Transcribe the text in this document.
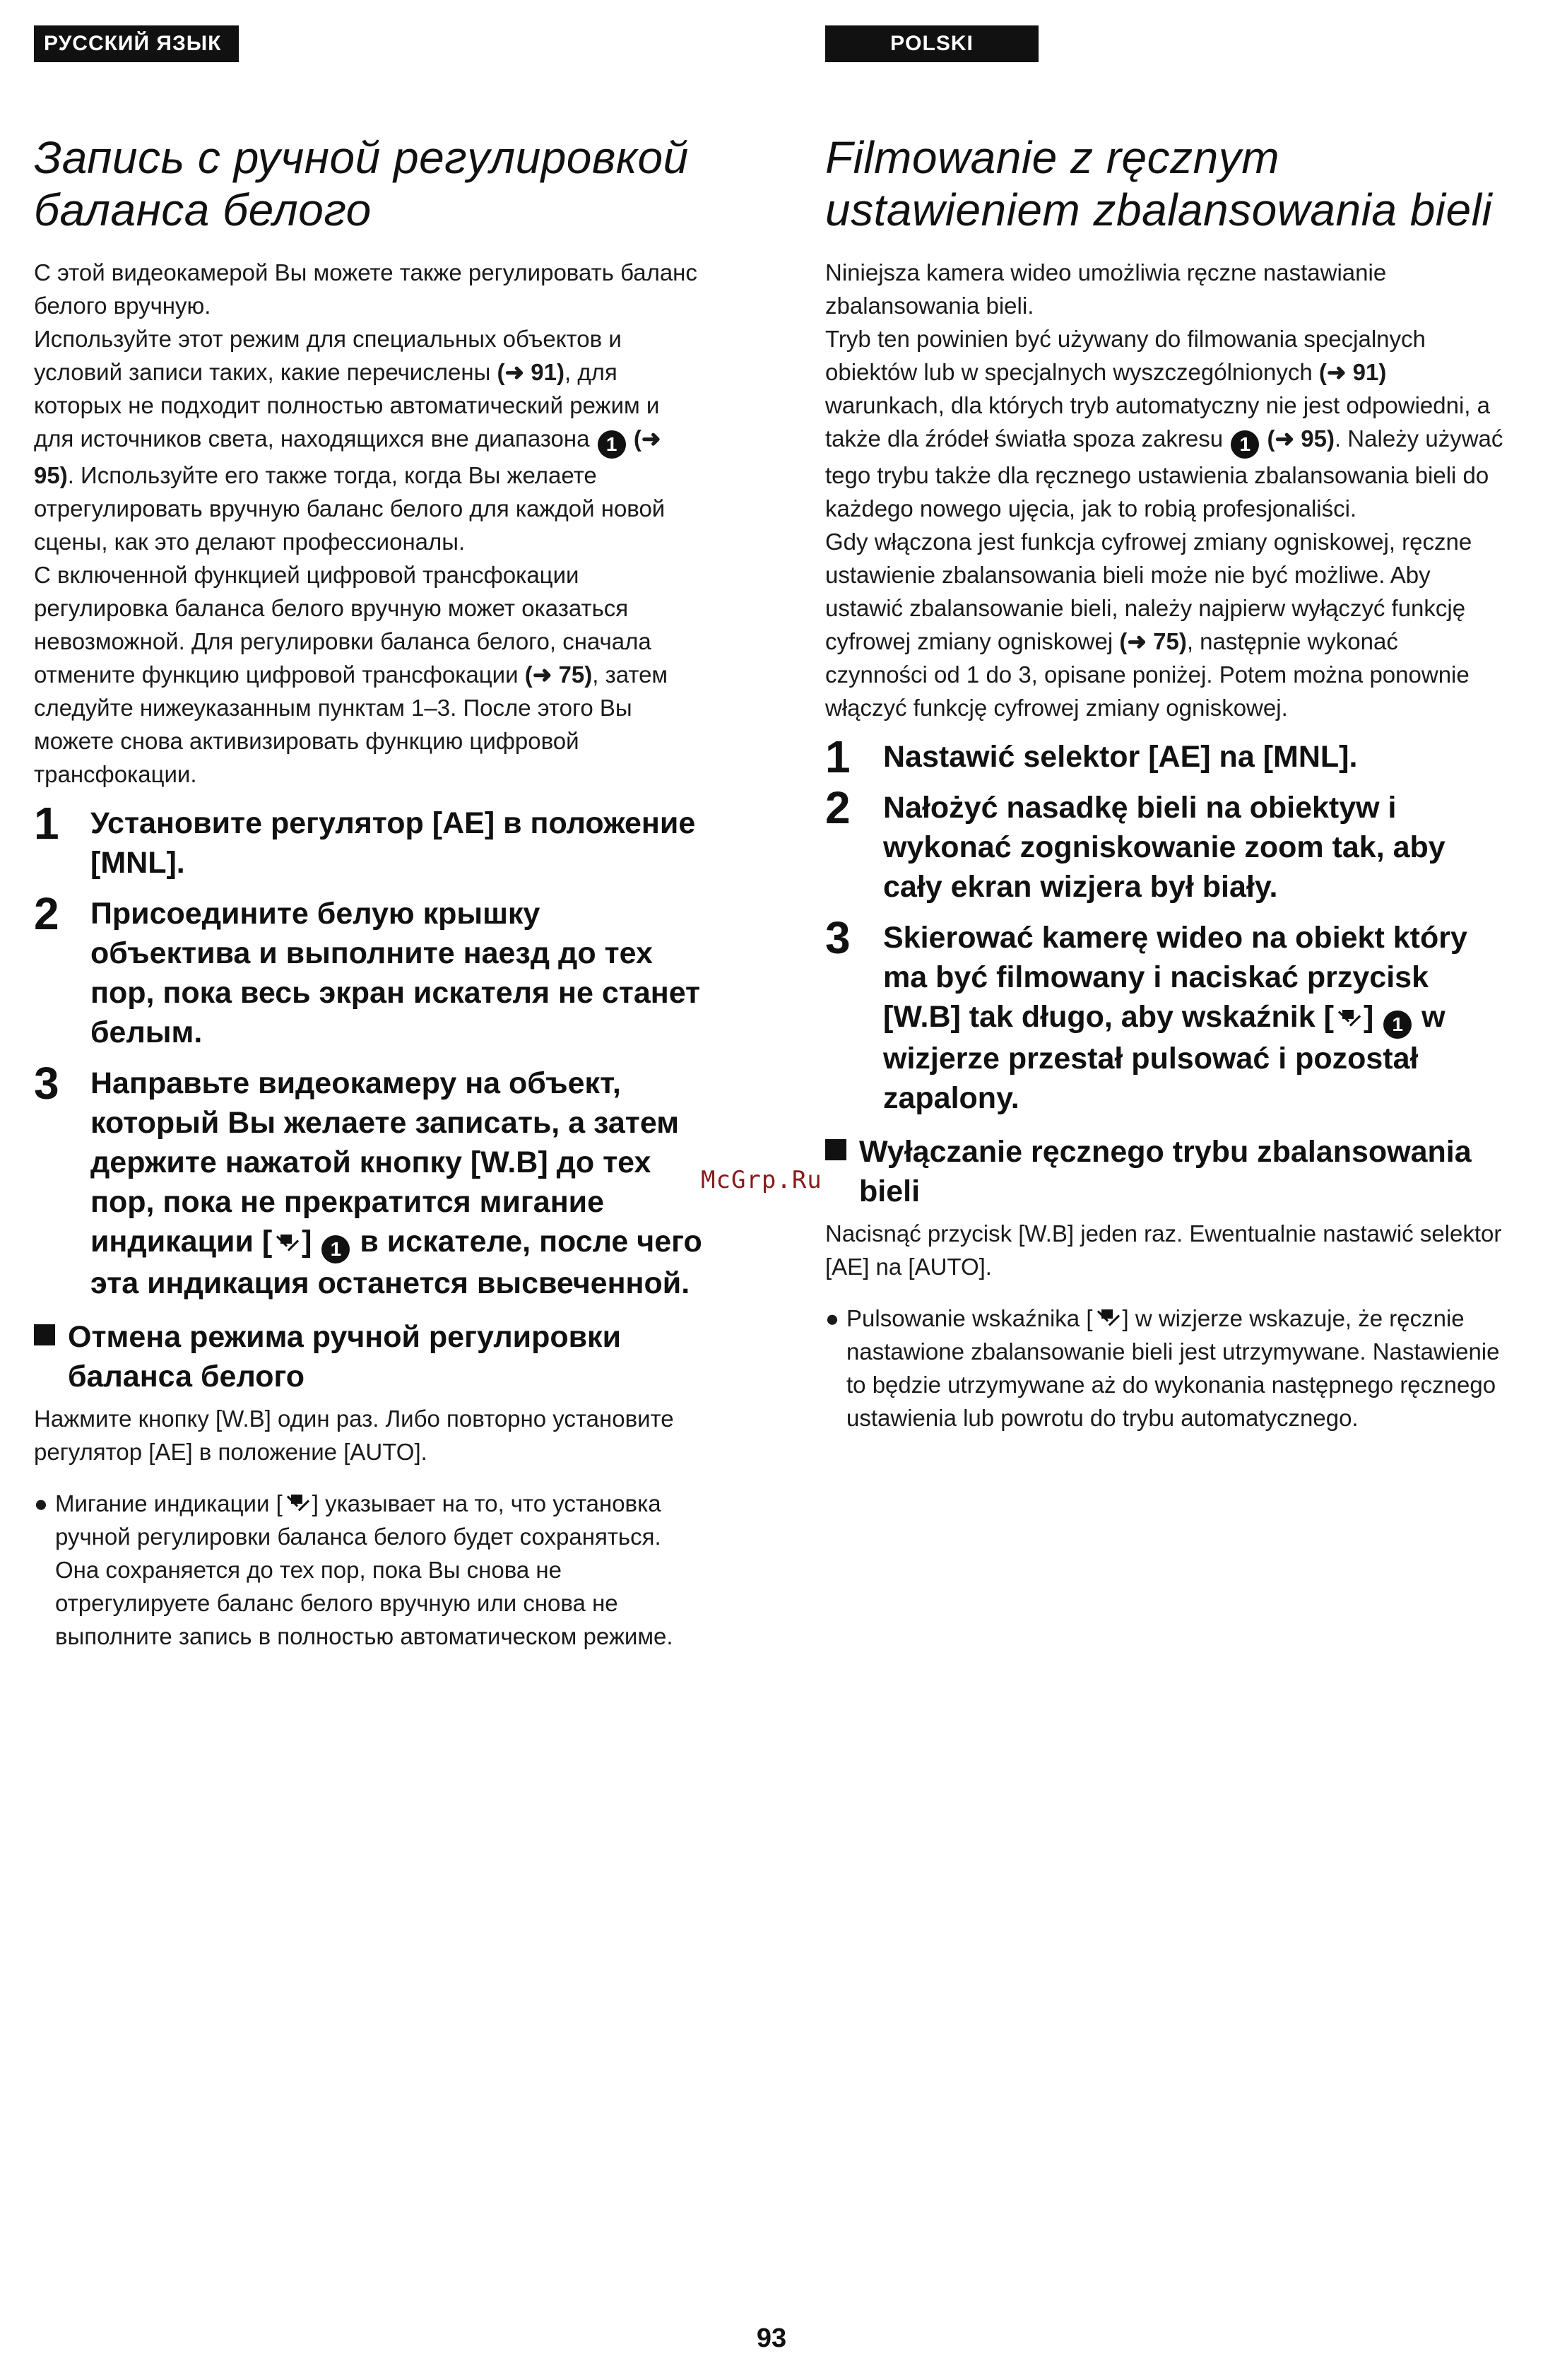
РУССКИЙ ЯЗЫК
Запись с ручной регулировкой баланса белого

С этой видеокамерой Вы можете также регулировать баланс белого вручную.

Используйте этот режим для специальных объектов и условий записи таких, какие перечислены (➜ 91), для которых не подходит полностью автоматический режим и для источников света, находящихся вне диапазона 1 (➜ 95). Используйте его также тогда, когда Вы желаете отрегулировать вручную баланс белого для каждой новой сцены, как это делают профессионалы.

С включенной функцией цифровой трансфокации регулировка баланса белого вручную может оказаться невозможной. Для регулировки баланса белого, сначала отмените функцию цифровой трансфокации (➜ 75), затем следуйте нижеуказанным пунктам 1–3. После этого Вы можете снова активизировать функцию цифровой трансфокации.

1 Установите регулятор [AE] в положение [MNL].
2 Присоедините белую крышку объектива и выполните наезд до тех пор, пока весь экран искателя не станет белым.
3 Направьте видеокамеру на объект, который Вы желаете записать, а затем держите нажатой кнопку [W.B] до тех пор, пока не прекратится мигание индикации [ ] 1 в искателе, после чего эта индикация останется высвеченной.
Отмена режима ручной регулировки баланса белого

Нажмите кнопку [W.B] один раз. Либо повторно установите регулятор [AE] в положение [AUTO].

● Мигание индикации [ ] указывает на то, что установка ручной регулировки баланса белого будет сохраняться. Она сохраняется до тех пор, пока Вы снова не отрегулируете баланс белого вручную или снова не выполните запись в полностью автоматическом режиме.
POLSKI
Filmowanie z ręcznym ustawieniem zbalansowania bieli

Niniejsza kamera wideo umożliwia ręczne nastawianie zbalansowania bieli.

Tryb ten powinien być używany do filmowania specjalnych obiektów lub w specjalnych wyszczególnionych (➜ 91) warunkach, dla których tryb automatyczny nie jest odpowiedni, a także dla źródeł światła spoza zakresu 1 (➜ 95). Należy używać tego trybu także dla ręcznego ustawienia zbalansowania bieli do każdego nowego ujęcia, jak to robią profesjonaliści.

Gdy włączona jest funkcja cyfrowej zmiany ogniskowej, ręczne ustawienie zbalansowania bieli może nie być możliwe. Aby ustawić zbalansowanie bieli, należy najpierw wyłączyć funkcję cyfrowej zmiany ogniskowej (➜ 75), następnie wykonać czynności od 1 do 3, opisane poniżej. Potem można ponownie włączyć funkcję cyfrowej zmiany ogniskowej.

1 Nastawić selektor [AE] na [MNL].
2 Nałożyć nasadkę bieli na obiektyw i wykonać zogniskowanie zoom tak, aby cały ekran wizjera był biały.
3 Skierować kamerę wideo na obiekt który ma być filmowany i naciskać przycisk [W.B] tak długo, aby wskaźnik [ ] 1 w wizjerze przestał pulsować i pozostał zapalony.
Wyłączanie ręcznego trybu zbalansowania bieli

Nacisnąć przycisk [W.B] jeden raz. Ewentualnie nastawić selektor [AE] na [AUTO].

● Pulsowanie wskaźnika [ ] w wizjerze wskazuje, że ręcznie nastawione zbalansowanie bieli jest utrzymywane. Nastawienie to będzie utrzymywane aż do wykonania następnego ręcznego ustawienia lub powrotu do trybu automatycznego.
McGrp.Ru
93
